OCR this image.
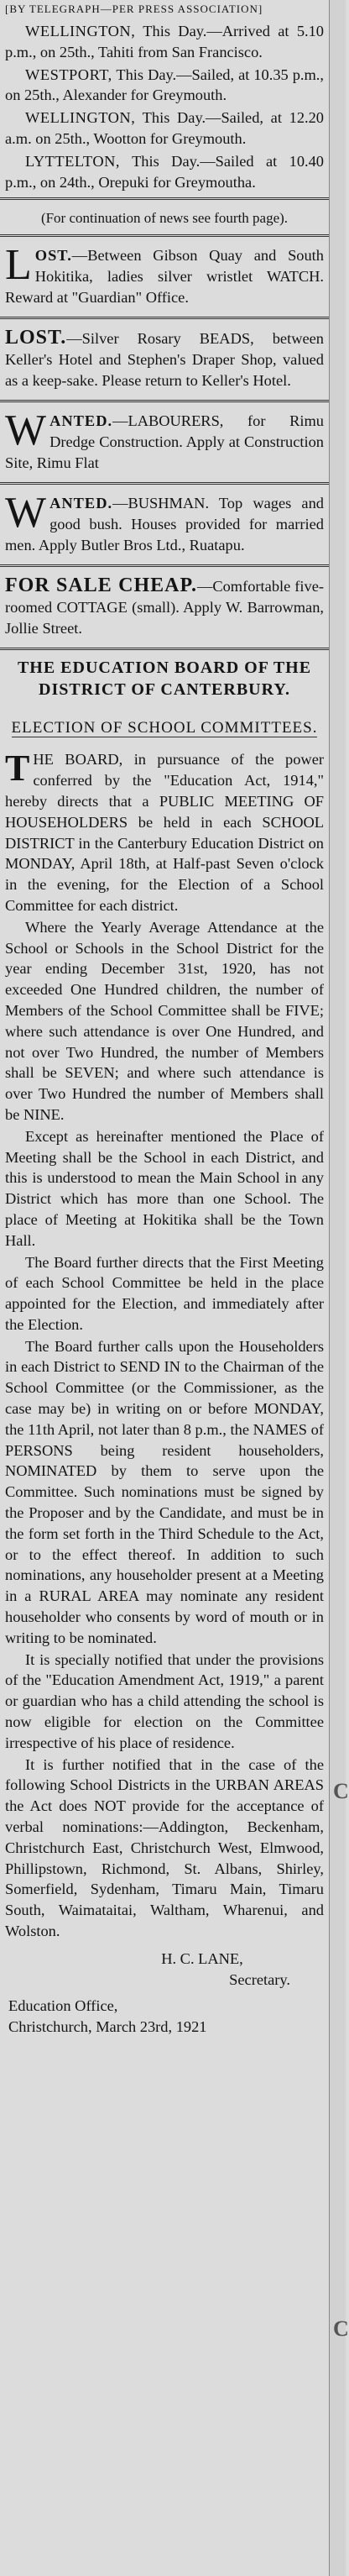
[BY TELEGRAPH—PER PRESS ASSOCIATION]

WELLINGTON, This Day.—Arrived at 5.10 p.m., on 25th., Tahiti from San Francisco.

WESTPORT, This Day.—Sailed, at 10.35 p.m., on 25th., Alexander for Greymouth.

WELLINGTON, This Day.—Sailed, at 12.20 a.m. on 25th., Wootton for Greymouth.

LYTTELTON, This Day.—Sailed at 10.40 p.m., on 24th., Orepuki for Greymoutha.

(For continuation of news see fourth page).
LOST.—Between Gibson Quay and South Hokitika, ladies silver wristlet WATCH. Reward at "Guardian" Office.
LOST.—Silver Rosary BEADS, between Keller's Hotel and Stephen's Draper Shop, valued as a keep-sake. Please return to Keller's Hotel.
WANTED.—LABOURERS, for Rimu Dredge Construction. Apply at Construction Site, Rimu Flat
WANTED.—BUSHMAN. Top wages and good bush. Houses provided for married men. Apply Butler Bros Ltd., Ruatapu.
FOR SALE CHEAP.—Comfortable five-roomed COTTAGE (small). Apply W. Barrowman, Jollie Street.
THE EDUCATION BOARD OF THE DISTRICT OF CANTERBURY.
ELECTION OF SCHOOL COMMITTEES.

THE BOARD, in pursuance of the power conferred by the "Education Act, 1914," hereby directs that a PUBLIC MEETING OF HOUSEHOLDERS be held in each SCHOOL DISTRICT in the Canterbury Education District on MONDAY, April 18th, at Half-past Seven o'clock in the evening, for the Election of a School Committee for each district.

Where the Yearly Average Attendance at the School or Schools in the School District for the year ending December 31st, 1920, has not exceeded One Hundred children, the number of Members of the School Committee shall be FIVE; where such attendance is over One Hundred, and not over Two Hundred, the number of Members shall be SEVEN; and where such attendance is over Two Hundred the number of Members shall be NINE.

Except as hereinafter mentioned the Place of Meeting shall be the School in each District, and this is understood to mean the Main School in any District which has more than one School. The place of Meeting at Hokitika shall be the Town Hall.

The Board further directs that the First Meeting of each School Committee be held in the place appointed for the Election, and immediately after the Election.

The Board further calls upon the Householders in each District to SEND IN to the Chairman of the School Committee (or the Commissioner, as the case may be) in writing on or before MONDAY, the 11th April, not later than 8 p.m., the NAMES of PERSONS being resident householders, NOMINATED by them to serve upon the Committee. Such nominations must be signed by the Proposer and by the Candidate, and must be in the form set forth in the Third Schedule to the Act, or to the effect thereof. In addition to such nominations, any householder present at a Meeting in a RURAL AREA may nominate any resident householder who consents by word of mouth or in writing to be nominated.

It is specially notified that under the provisions of the "Education Amendment Act, 1919," a parent or guardian who has a child attending the school is now eligible for election on the Committee irrespective of his place of residence.

It is further notified that in the case of the following School Districts in the URBAN AREAS the Act does NOT provide for the acceptance of verbal nominations:—Addington, Beckenham, Christchurch East, Christchurch West, Elmwood, Phillipstown, Richmond, St. Albans, Shirley, Somerfield, Sydenham, Timaru Main, Timaru South, Waimataitai, Waltham, Wharenui, and Wolston.

H. C. LANE,
Secretary.
Education Office,
Christchurch, March 23rd, 1921
C
C
